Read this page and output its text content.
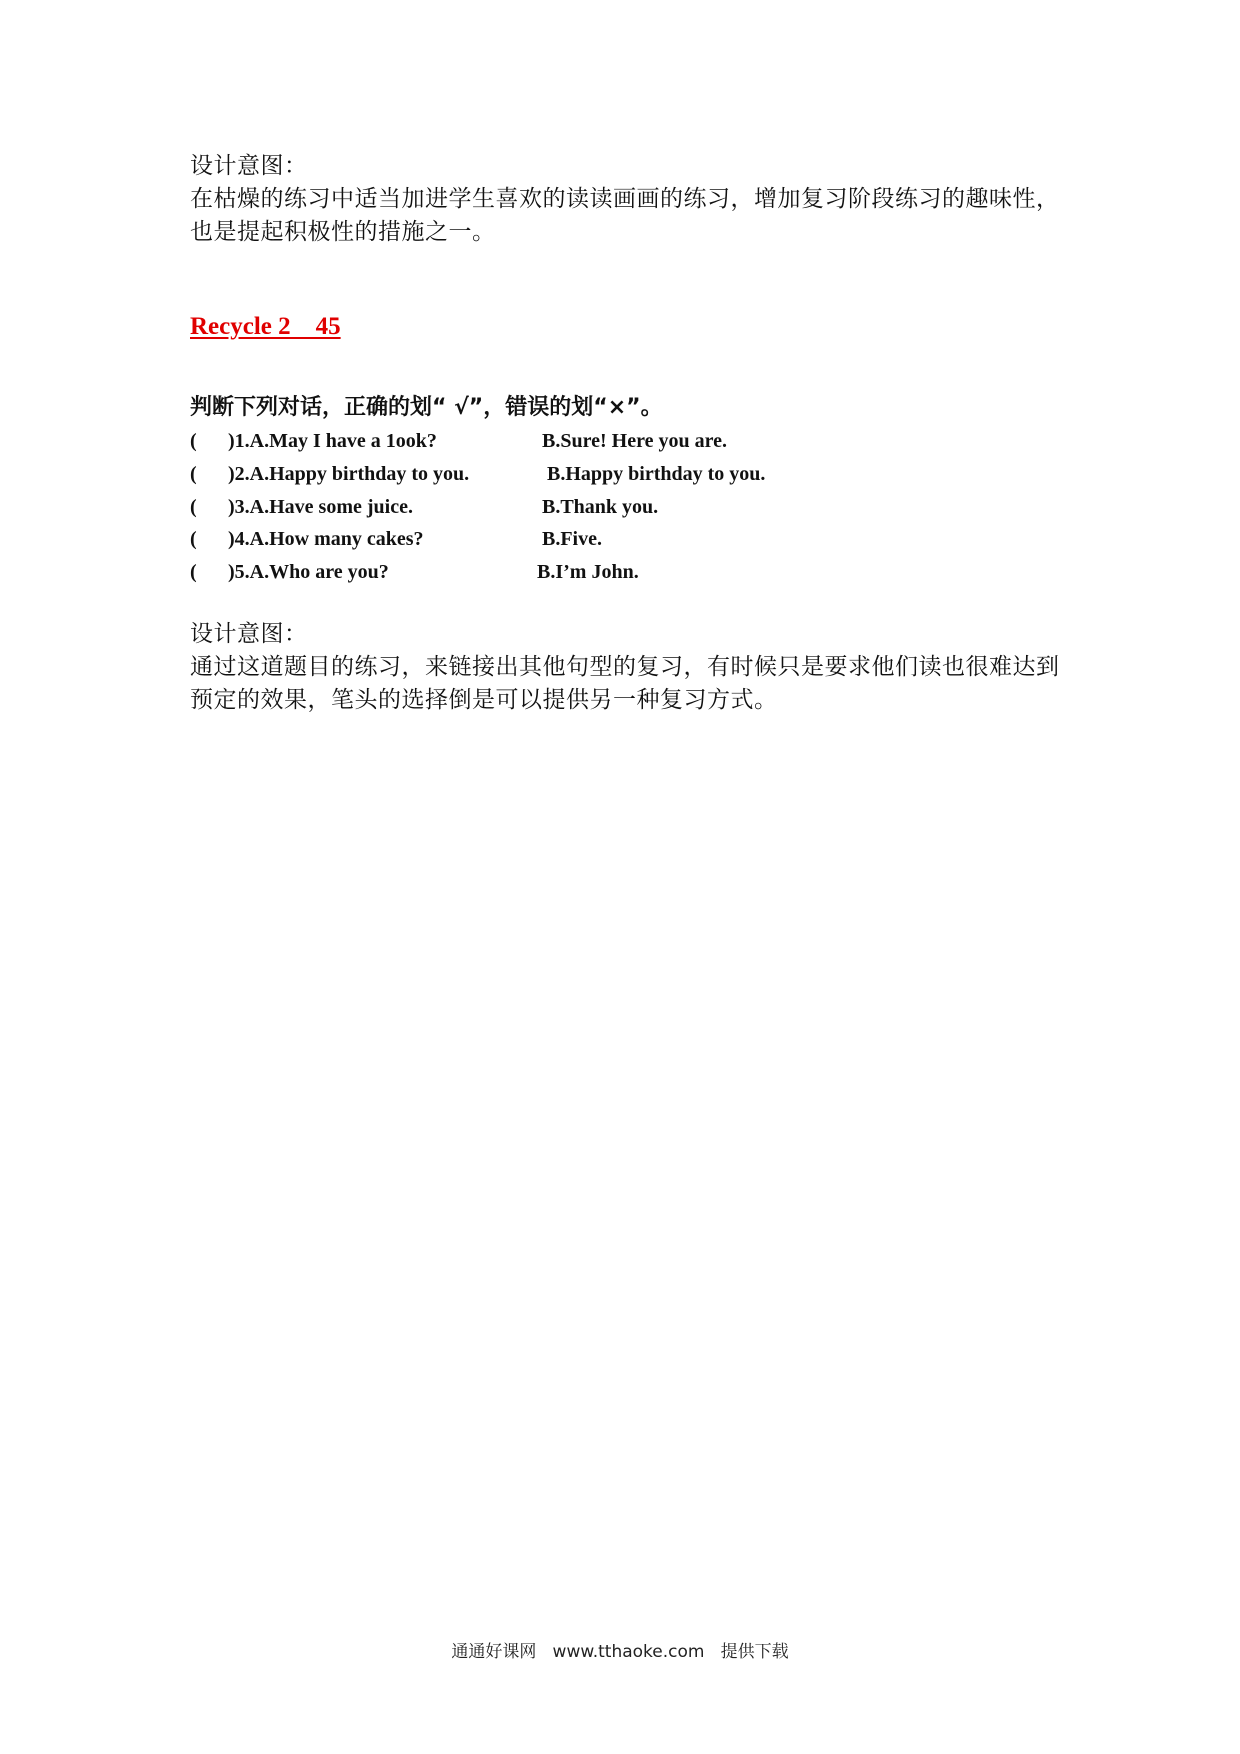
设计意图：

在枯燥的练习中适当加进学生喜欢的读读画画的练习，增加复习阶段练习的趣味性，也是提起积极性的措施之一。

Recycle 2    45

判断下列对话，正确的划“ √”，错误的划“×”。

( )1.A.May I have a 1ook?	B.Sure! Here you are.
( )2.A.Happy birthday to you.	B.Happy birthday to you.
( )3.A.Have some juice.	B.Thank you.
( )4.A.How many cakes?	B.Five.
( )5.A.Who are you?	B.I’m John.

设计意图：

通过这道题目的练习，来链接出其他句型的复习，有时候只是要求他们读也很难达到预定的效果，笔头的选择倒是可以提供另一种复习方式。

通通好课网   www.tthaoke.com   提供下载
